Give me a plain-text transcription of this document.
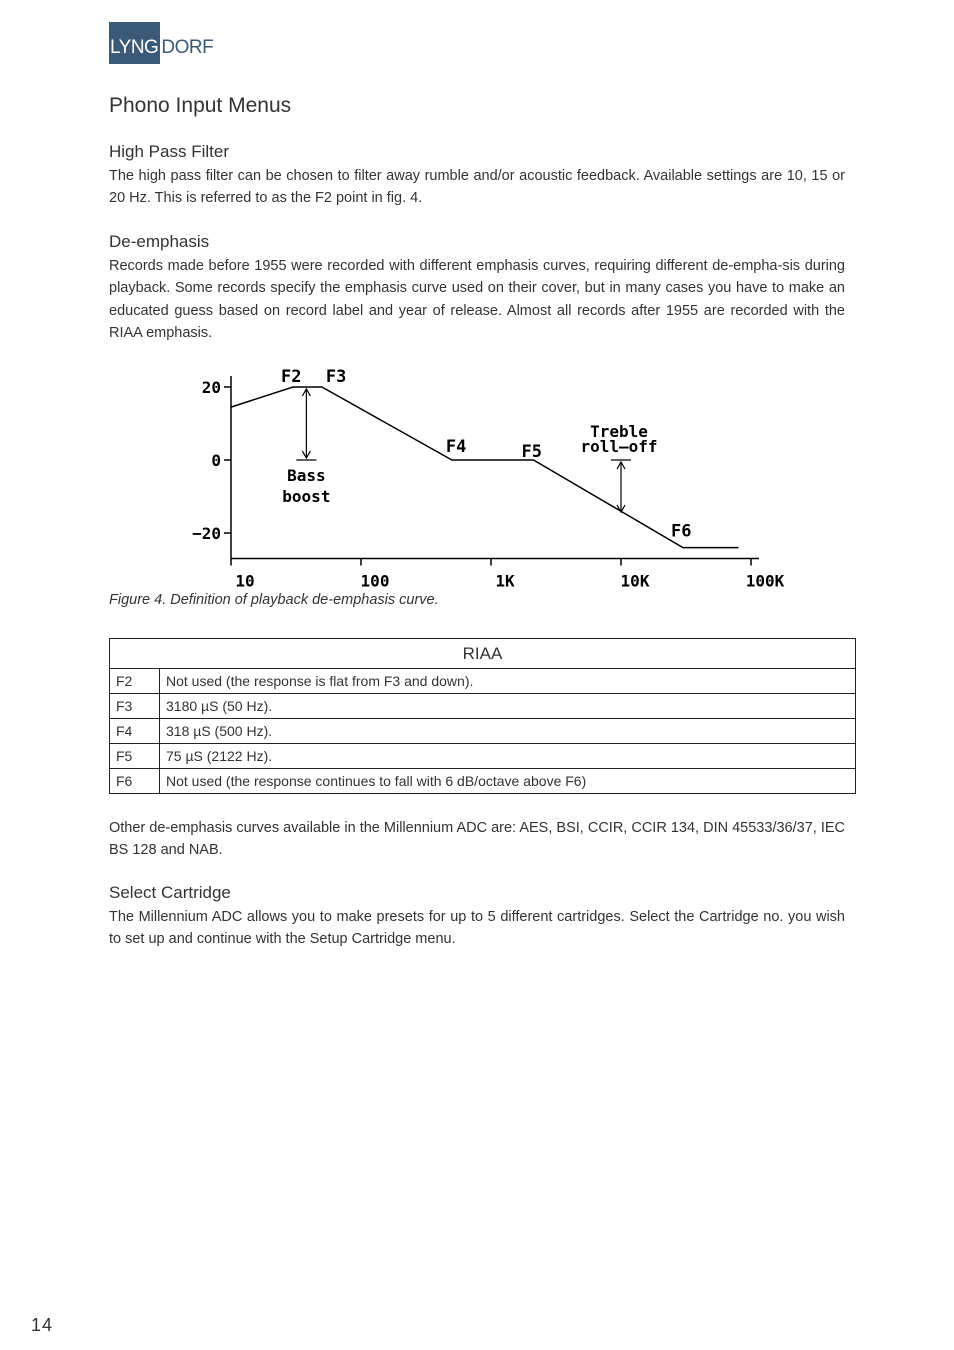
LYNG DORF
Phono Input Menus
High Pass Filter
The high pass filter can be chosen to filter away rumble and/or acoustic feedback. Available settings are 10, 15 or 20 Hz. This is referred to as the F2 point in fig. 4.
De-emphasis
Records made before 1955 were recorded with different emphasis curves, requiring different de-empha-sis during playback. Some records specify the emphasis curve used on their cover, but in many cases you have to make an educated guess based on record label and year of release. Almost all records after 1955 are recorded with the RIAA emphasis.
10	100	1K	10K	100K
20
0
−20
F2 F3
F4	F5
F6
Bass
boost
Treble
roll—off
Figure 4. Definition of playback de-emphasis curve.
RIAA	
F2	Not used (the response is flat from F3 and down).
F3	3180 µS (50 Hz).
F4	318 µS (500 Hz).
F5	75 µS (2122 Hz).
F6	Not used (the response continues to fall with 6 dB/octave above F6)
Other de-emphasis curves available in the Millennium ADC are: AES, BSI, CCIR, CCIR 134, DIN 45533/36/37, IEC BS 128 and NAB.
Select Cartridge
The Millennium ADC allows you to make presets for up to 5 different cartridges. Select the Cartridge no. you wish to set up and continue with the Setup Cartridge menu.
14
